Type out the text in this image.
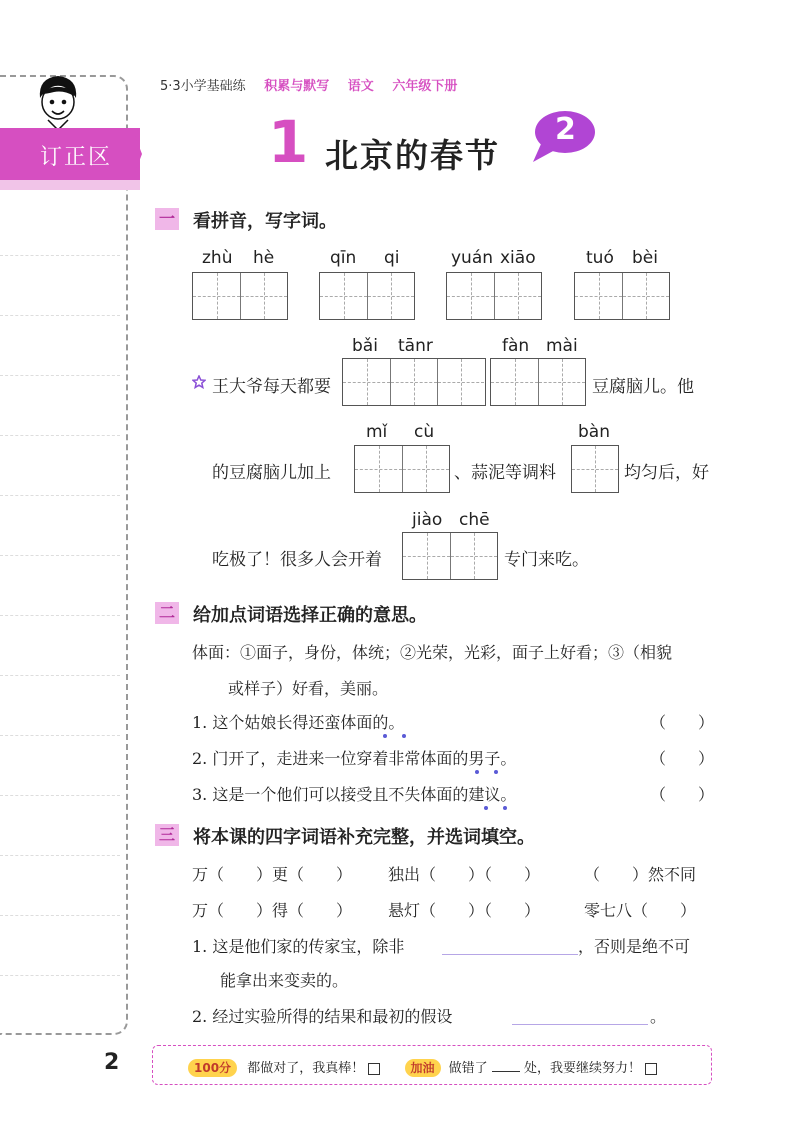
订正区
5·3小学基础练 积累与默写 语文 六年级下册
1 北京的春节
2
一 看拼音，写字词。
zhù hè	qīn qi	yuán xiāo	tuó bèi
bǎi tānr	fàn mài
王大爷每天都要	豆腐脑儿。他
mǐ cù	bàn
的豆腐脑儿加上	、蒜泥等调料	均匀后，好
jiào chē
吃极了！很多人会开着	专门来吃。
二 给加点词语选择正确的意思。
体面：①面子，身份，体统；②光荣，光彩，面子上好看；③（相貌
或样子）好看，美丽。
1. 这个姑娘长得还蛮体面的。	（　　）
2. 门开了，走进来一位穿着非常体面的男子。	（　　）
3. 这是一个他们可以接受且不失体面的建议。	（　　）
三 将本课的四字词语补充完整，并选词填空。
万（　　）更（　　） 独出（　　）（　　）	（　　）然不同
万（　　）得（　　） 悬灯（　　）（　　）	零七八（　　）
1. 这是他们家的传家宝，除非	，否则是绝不可
能拿出来变卖的。
2. 经过实验所得的结果和最初的假设	。
2	100分 都做对了，我真棒！	加油 做错了	处，我要继续努力！
